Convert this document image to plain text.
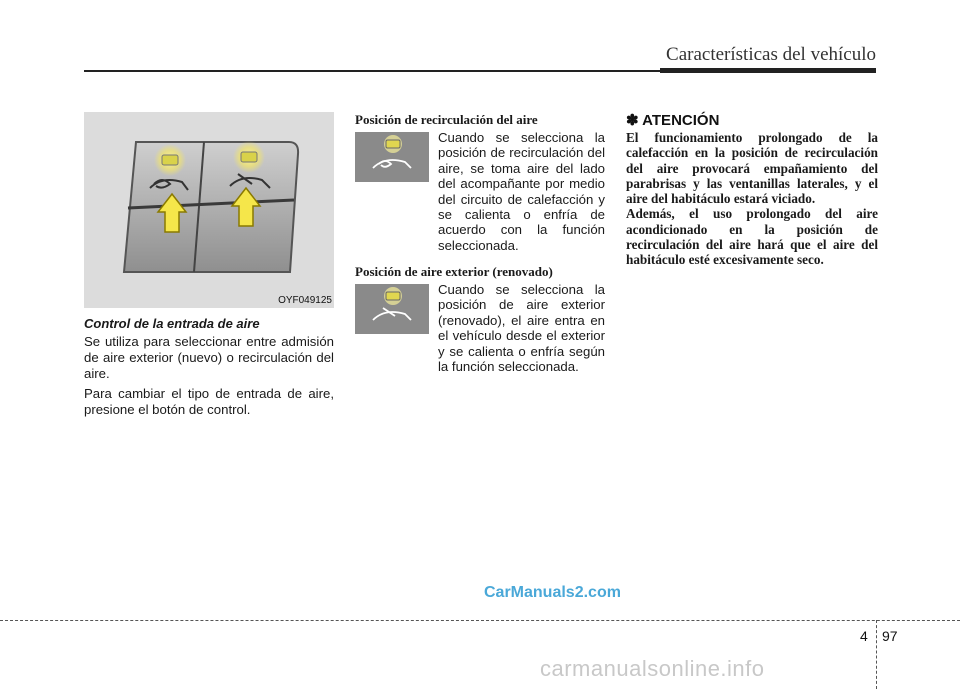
Características del vehículo
OYF049125
Control de la entrada de aire

Se utiliza para seleccionar entre admisión de aire exterior (nuevo) o recirculación del aire.

Para cambiar el tipo de entrada de aire, presione el botón de control.

Posición de recirculación del aire
Cuando se selecciona la posición de recirculación del aire, se toma aire del lado del acompañante por medio del circuito de calefacción y se calienta o enfría de acuerdo con la función seleccionada.
Posición de aire exterior (renovado)
Cuando se selecciona la posición de aire exterior (renovado), el aire entra en el vehículo desde el exterior y se calienta o enfría según la función seleccionada.
✽ ATENCIÓN

El funcionamiento prolongado de la calefacción en la posición de recirculación del aire provocará empañamiento del parabrisas y las ventanillas laterales, y el aire del habitáculo estará viciado.

Además, el uso prolongado del aire acondicionado en la posición de recirculación del aire hará que el aire del habitáculo esté excesivamente seco.

CarManuals2.com
4 97
carmanualsonline.info
